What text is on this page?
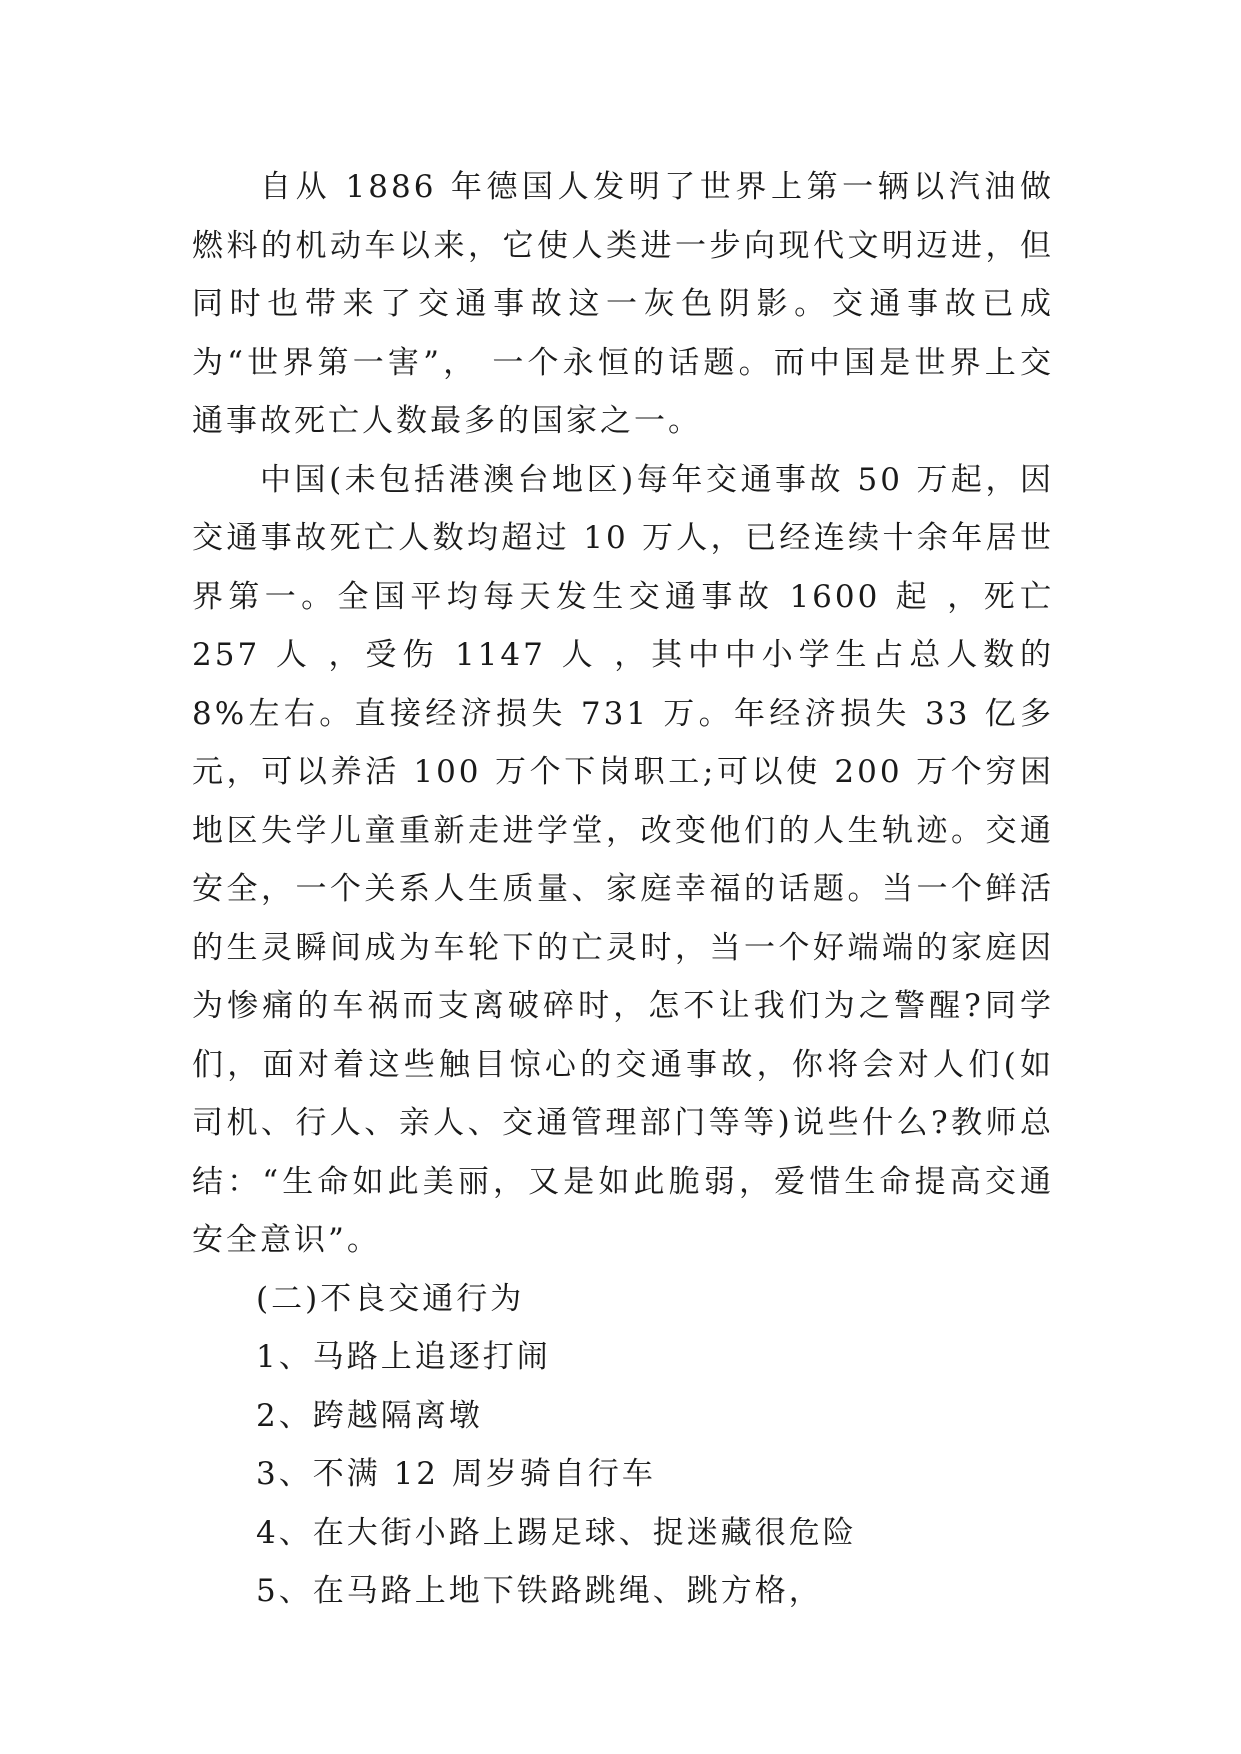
自从 1886 年德国人发明了世界上第一辆以汽油做燃料的机动车以来，它使人类进一步向现代文明迈进，但同时也带来了交通事故这一灰色阴影。交通事故已成为“世界第一害”， 一个永恒的话题。而中国是世界上交通事故死亡人数最多的国家之一。

中国(未包括港澳台地区)每年交通事故 50 万起，因交通事故死亡人数均超过 10 万人，已经连续十余年居世界第一。全国平均每天发生交通事故 1600 起 ，死亡 257 人 ，受伤 1147 人 ，其中中小学生占总人数的 8%左右。直接经济损失 731 万。年经济损失 33 亿多元，可以养活 100 万个下岗职工;可以使 200 万个穷困地区失学儿童重新走进学堂，改变他们的人生轨迹。交通安全，一个关系人生质量、家庭幸福的话题。当一个鲜活的生灵瞬间成为车轮下的亡灵时，当一个好端端的家庭因为惨痛的车祸而支离破碎时，怎不让我们为之警醒?同学们，面对着这些触目惊心的交通事故，你将会对人们(如司机、行人、亲人、交通管理部门等等)说些什么?教师总结：“生命如此美丽，又是如此脆弱，爱惜生命提高交通安全意识”。

(二)不良交通行为

1、马路上追逐打闹

2、跨越隔离墩

3、不满 12 周岁骑自行车

4、在大街小路上踢足球、捉迷藏很危险

5、在马路上地下铁路跳绳、跳方格，
